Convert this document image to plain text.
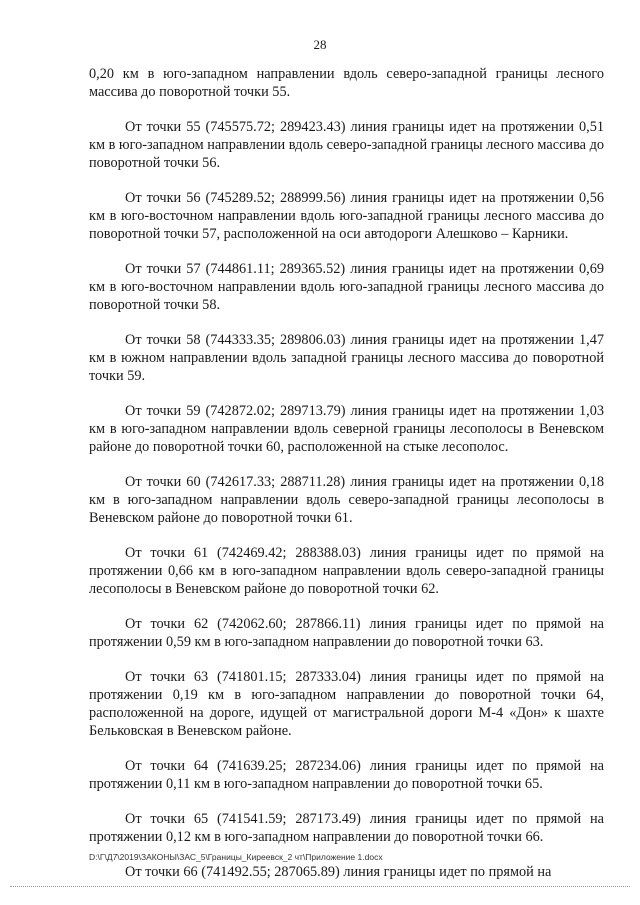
28

0,20 км в юго-западном направлении вдоль северо-западной границы лесного массива до поворотной точки 55.

От точки 55 (745575.72; 289423.43) линия границы идет на протяжении 0,51 км в юго-западном направлении вдоль северо-западной границы лесного массива до поворотной точки 56.

От точки 56 (745289.52; 288999.56) линия границы идет на протяжении 0,56 км в юго-восточном направлении вдоль юго-западной границы лесного массива до поворотной точки 57, расположенной на оси автодороги Алешково – Карники.

От точки 57 (744861.11; 289365.52) линия границы идет на протяжении 0,69 км в юго-восточном направлении вдоль юго-западной границы лесного массива до поворотной точки 58.

От точки 58 (744333.35; 289806.03) линия границы идет на протяжении 1,47 км в южном направлении вдоль западной границы лесного массива до поворотной точки 59.

От точки 59 (742872.02; 289713.79) линия границы идет на протяжении 1,03 км в юго-западном направлении вдоль северной границы лесополосы в Веневском районе до поворотной точки 60, расположенной на стыке лесополос.

От точки 60 (742617.33; 288711.28) линия границы идет на протяжении 0,18 км в юго-западном направлении вдоль северо-западной границы лесополосы в Веневском районе до поворотной точки 61.

От точки 61 (742469.42; 288388.03) линия границы идет по прямой на протяжении 0,66 км в юго-западном направлении вдоль северо-западной границы лесополосы в Веневском районе до поворотной точки 62.

От точки 62 (742062.60; 287866.11) линия границы идет по прямой на протяжении 0,59 км в юго-западном направлении до поворотной точки 63.

От точки 63 (741801.15; 287333.04) линия границы идет по прямой на протяжении 0,19 км в юго-западном направлении до поворотной точки 64, расположенной на дороге, идущей от магистральной дороги М-4 «Дон» к шахте Бельковская в Веневском районе.

От точки 64 (741639.25; 287234.06) линия границы идет по прямой на протяжении 0,11 км в юго-западном направлении до поворотной точки 65.

От точки 65 (741541.59; 287173.49) линия границы идет по прямой на протяжении 0,12 км в юго-западном направлении до поворотной точки 66.

От точки 66 (741492.55; 287065.89) линия границы идет по прямой на

D:\Г\Д7\2019\ЗАКОНЫ\ЗАС_5\Границы_Киреевск_2 чт\Приложение 1.docx
